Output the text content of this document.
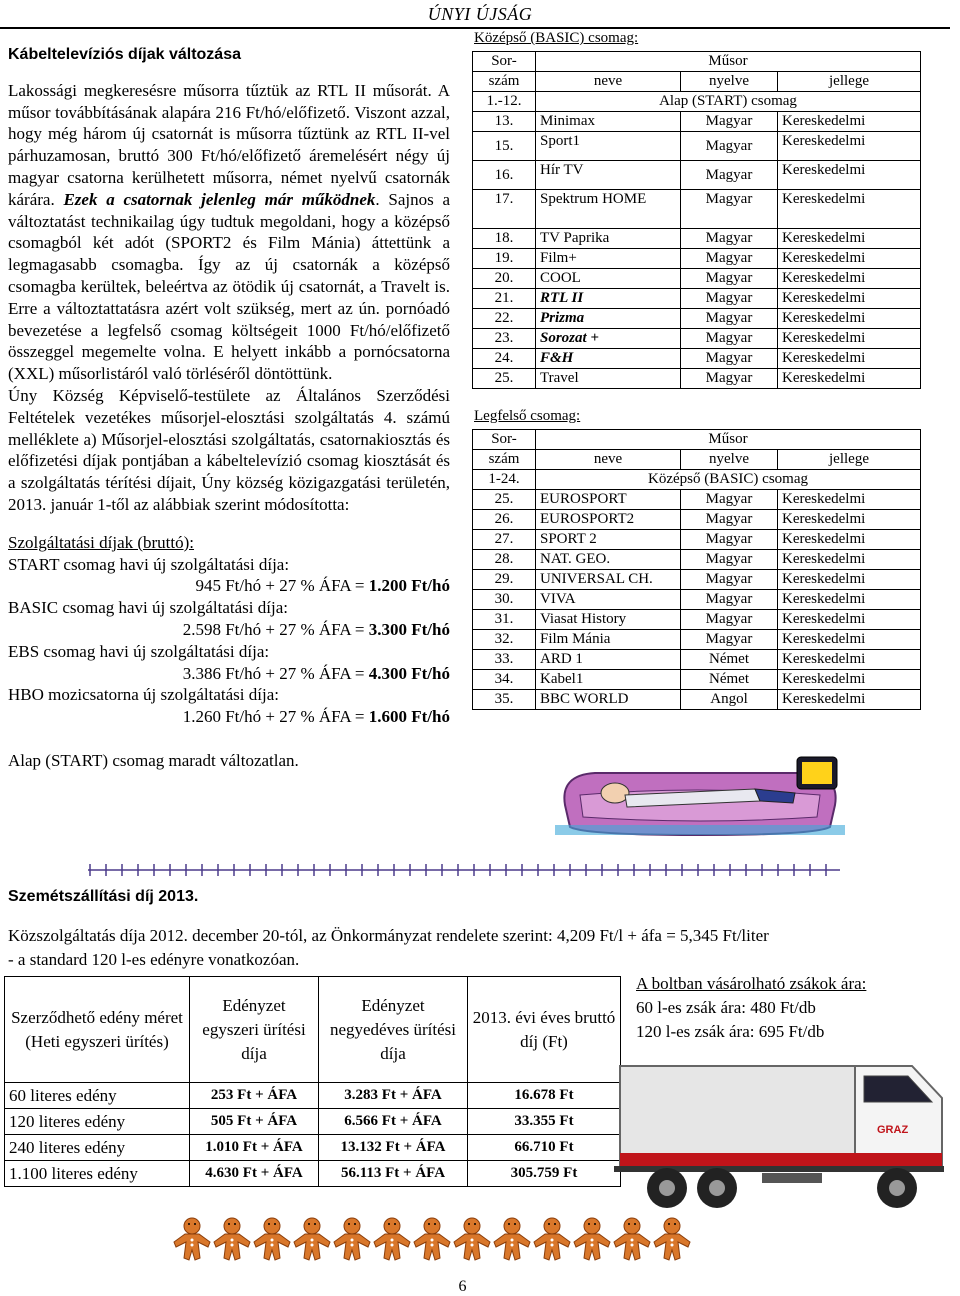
ÚNYI ÚJSÁG
Kábeltelevíziós díjak változása

Lakossági megkeresésre műsorra tűztük az RTL II műsorát. A műsor továbbításának alapára 216 Ft/hó/előfizető. Viszont azzal, hogy még három új csatornát is műsorra tűztünk az RTL II-vel párhuzamosan, bruttó 300 Ft/hó/előfizető áremelésért négy új magyar csatorna kerülhetett műsorra, német nyelvű csatornák kárára. Ezek a csatornak jelenleg már működnek. Sajnos a változtatást technikailag úgy tudtuk megoldani, hogy a középső csomagból két adót (SPORT2 és Film Mánia) áttettünk a legmagasabb csomagba. Így az új csatornák a középső csomagba kerültek, beleértva az ötödik új csatornát, a Travelt is. Erre a változtattatásra azért volt szükség, mert az ún. pornóadó bevezetése a legfelső csomag költségeit 1000 Ft/hó/előfizető összeggel megemelte volna. E helyett inkább a pornócsatorna (XXL) műsorlistáról való törléséről döntöttünk.

Úny Község Képviselő-testülete az Általános Szerződési Feltételek vezetékes műsorjel-elosztási szolgáltatás 4. számú melléklete a) Műsorjel-elosztási szolgáltatás, csatornakiosztás és előfizetési díjak pontjában a kábeltelevízió csomag kiosztását és a szolgáltatás térítési díjait, Úny község közigazgatási területén, 2013. január 1-től az alábbiak szerint módosította:

Szolgáltatási díjak (bruttó):

START csomag havi új szolgáltatási díja:

945 Ft/hó + 27 % ÁFA = 1.200 Ft/hó

BASIC csomag havi új szolgáltatási díja:

2.598 Ft/hó + 27 % ÁFA = 3.300 Ft/hó

EBS csomag havi új szolgáltatási díja:

3.386 Ft/hó + 27 % ÁFA = 4.300 Ft/hó

HBO mozicsatorna új szolgáltatási díja:

1.260 Ft/hó + 27 % ÁFA = 1.600 Ft/hó

Alap (START) csomag maradt változatlan.

Középső (BASIC) csomag:
Sor-	Műsor		
szám	neve	nyelve	jellege
1.-12.	Alap (START) csomag		
13.	Minimax	Magyar	Kereskedelmi
15.	Sport1	Magyar	Kereskedelmi
16.	Hír TV	Magyar	Kereskedelmi
17.	Spektrum HOME	Magyar	Kereskedelmi
18.	TV Paprika	Magyar	Kereskedelmi
19.	Film+	Magyar	Kereskedelmi
20.	COOL	Magyar	Kereskedelmi
21.	RTL II	Magyar	Kereskedelmi
22.	Prizma	Magyar	Kereskedelmi
23.	Sorozat +	Magyar	Kereskedelmi
24.	F&H	Magyar	Kereskedelmi
25.	Travel	Magyar	Kereskedelmi
Legfelső csomag:
Sor-	Műsor		
szám	neve	nyelve	jellege
1-24.	Középső (BASIC) csomag		
25.	EUROSPORT	Magyar	Kereskedelmi
26.	EUROSPORT2	Magyar	Kereskedelmi
27.	SPORT 2	Magyar	Kereskedelmi
28.	NAT. GEO.	Magyar	Kereskedelmi
29.	UNIVERSAL CH.	Magyar	Kereskedelmi
30.	VIVA	Magyar	Kereskedelmi
31.	Viasat History	Magyar	Kereskedelmi
32.	Film Mánia	Magyar	Kereskedelmi
33.	ARD 1	Német	Kereskedelmi
34.	Kabel1	Német	Kereskedelmi
35.	BBC WORLD	Angol	Kereskedelmi
Szemétszállítási díj 2013.

Közszolgáltatás díja 2012. december 20-tól, az Önkormányzat rendelete szerint: 4,209 Ft/l + áfa = 5,345 Ft/liter

- a standard 120 l-es edényre vonatkozóan.

A boltban vásárolható zsákok ára:
60 l-es zsák ára: 480 Ft/db
120 l-es zsák ára: 695 Ft/db
Szerződhető edény méret (Heti egyszeri ürítés)	Edényzet egyszeri ürítési díja	Edényzet negyedéves ürítési díja	2013. évi éves bruttó díj (Ft)
60 literes edény	253 Ft + ÁFA	3.283 Ft + ÁFA	16.678 Ft
120 literes edény	505 Ft + ÁFA	6.566 Ft + ÁFA	33.355 Ft
240 literes edény	1.010 Ft + ÁFA	13.132 Ft + ÁFA	66.710 Ft
1.100 literes edény	4.630 Ft + ÁFA	56.113 Ft + ÁFA	305.759 Ft
GRAZ
6
